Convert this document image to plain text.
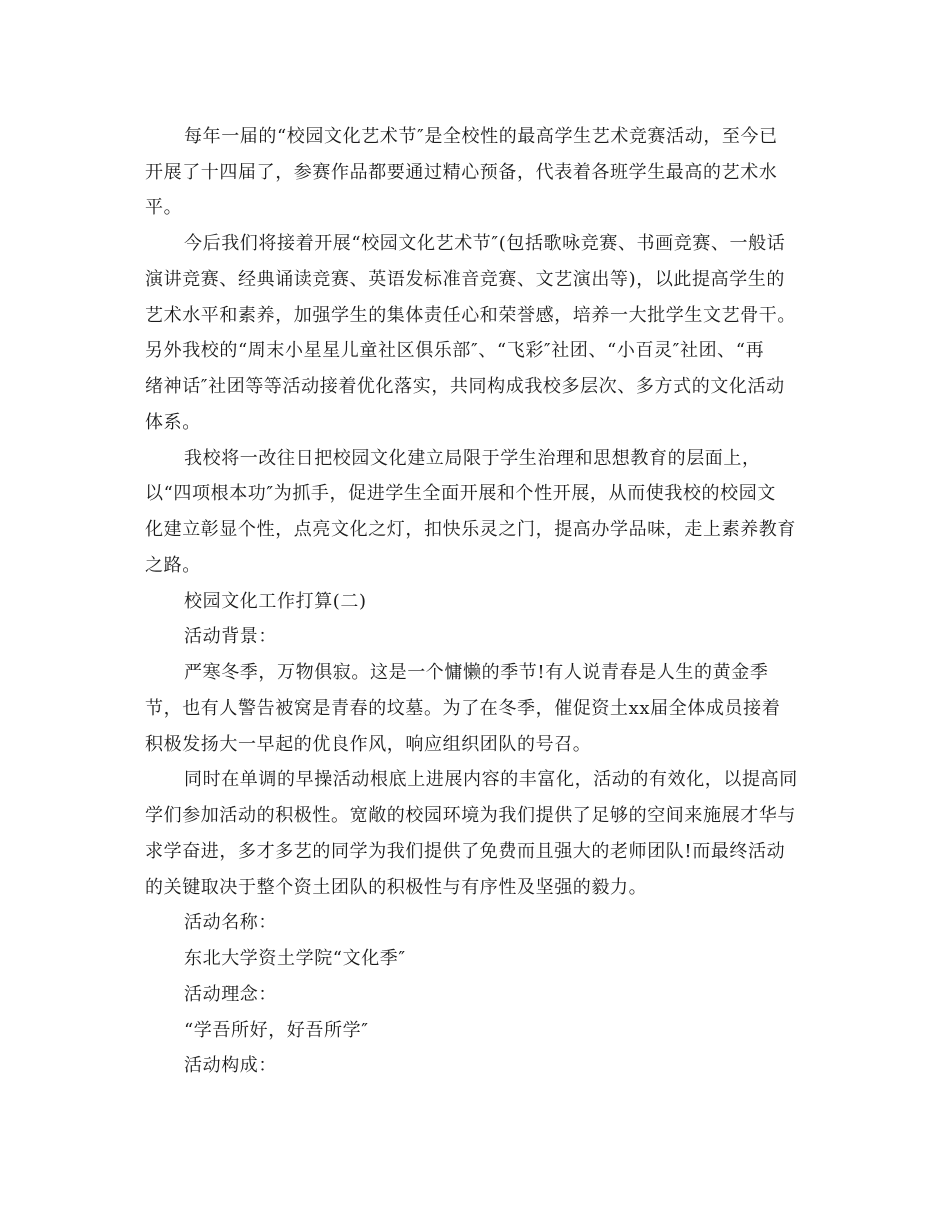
每年一届的“校园文化艺术节″是全校性的最高学生艺术竞赛活动，至今已
开展了十四届了，参赛作品都要通过精心预备，代表着各班学生最高的艺术水
平。
今后我们将接着开展“校园文化艺术节″(包括歌咏竞赛、书画竞赛、一般话
演讲竞赛、经典诵读竞赛、英语发标准音竞赛、文艺演出等)，以此提高学生的
艺术水平和素养，加强学生的集体责任心和荣誉感，培养一大批学生文艺骨干。
另外我校的“周末小星星儿童社区俱乐部″、“飞彩″社团、“小百灵″社团、“再
绪神话″社团等等活动接着优化落实，共同构成我校多层次、多方式的文化活动
体系。
我校将一改往日把校园文化建立局限于学生治理和思想教育的层面上，
以“四项根本功″为抓手，促进学生全面开展和个性开展，从而使我校的校园文
化建立彰显个性，点亮文化之灯，扣快乐灵之门，提高办学品味，走上素养教育
之路。
校园文化工作打算(二)
活动背景：
严寒冬季，万物俱寂。这是一个慵懒的季节!有人说青春是人生的黄金季
节，也有人警告被窝是青春的坟墓。为了在冬季，催促资土xx届全体成员接着
积极发扬大一早起的优良作风，响应组织团队的号召。
同时在单调的早操活动根底上进展内容的丰富化，活动的有效化，以提高同
学们参加活动的积极性。宽敞的校园环境为我们提供了足够的空间来施展才华与
求学奋进，多才多艺的同学为我们提供了免费而且强大的老师团队!而最终活动
的关键取决于整个资土团队的积极性与有序性及坚强的毅力。
活动名称：
东北大学资土学院“文化季″
活动理念：
“学吾所好，好吾所学″
活动构成：
